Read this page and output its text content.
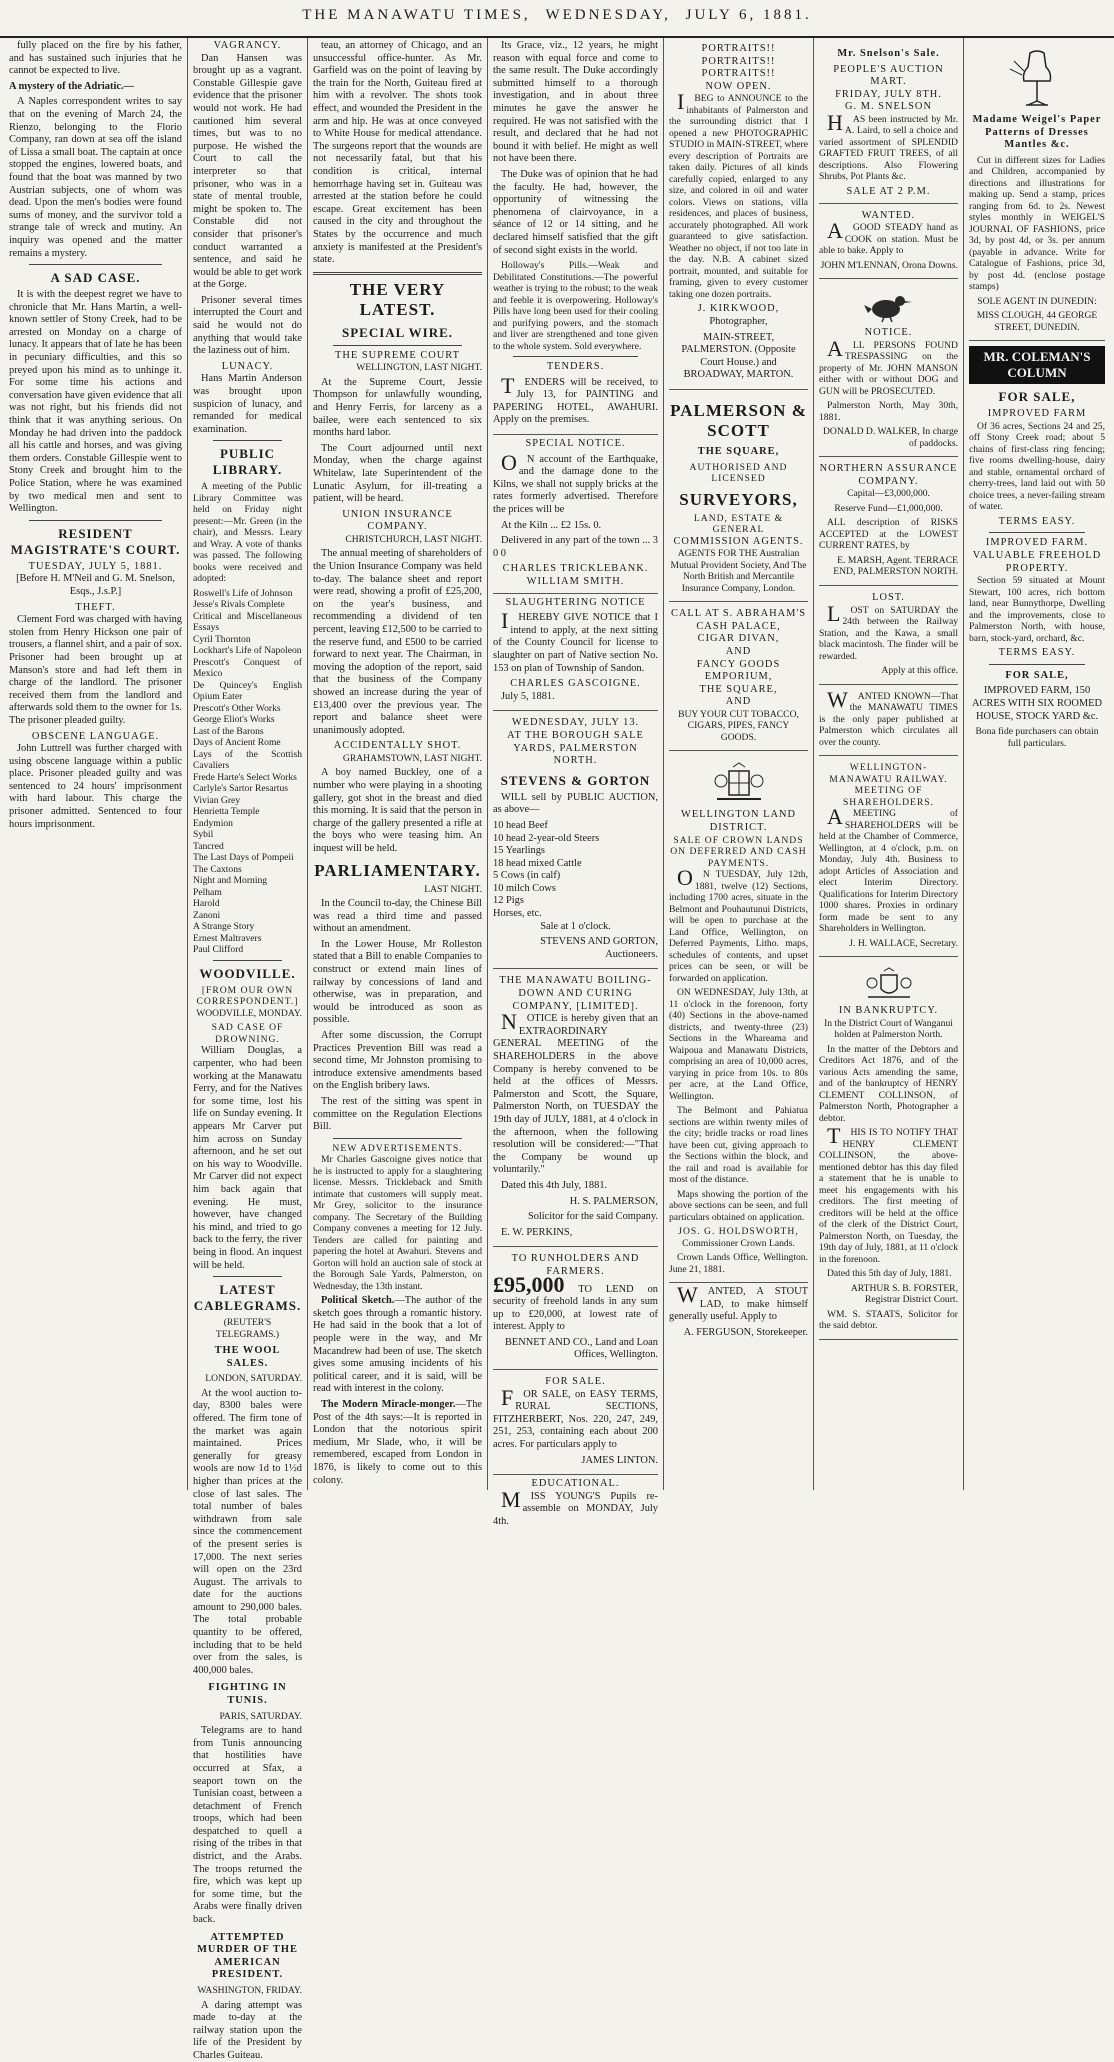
THE MANAWATU TIMES, WEDNESDAY, JULY 6, 1881.

fully placed on the fire by his father, and has sustained such injuries that he cannot be expected to live.

A mystery of the Adriatic.—

A Naples correspondent writes to say that on the evening of March 24, the Rienzo, belonging to the Florio Company, ran down at sea off the island of Lissa a small boat. The captain at once stopped the engines, lowered boats, and found that the boat was manned by two Austrian subjects, one of whom was dead. Upon the men's bodies were found sums of money, and the survivor told a strange tale of wreck and mutiny. An inquiry was opened and the matter remains a mystery.

A SAD CASE.

It is with the deepest regret we have to chronicle that Mr. Hans Martin, a well-known settler of Stony Creek, had to be arrested on Monday on a charge of lunacy. It appears that of late he has been in pecuniary difficulties, and this so preyed upon his mind as to unhinge it. For some time his actions and conversation have given evidence that all was not right, but his friends did not think that it was anything serious. On Monday he had driven into the paddock all his cattle and horses, and was giving them orders. Constable Gillespie went to Stony Creek and brought him to the Police Station, where he was examined by two medical men and sent to Wellington.

RESIDENT MAGISTRATE'S COURT.
TUESDAY, JULY 5, 1881.

[Before H. M'Neil and G. M. Snelson, Esqs., J.s.P.]

THEFT.

Clement Ford was charged with having stolen from Henry Hickson one pair of trousers, a flannel shirt, and a pair of sox. Prisoner had been brought up at Manson's store and had left them in charge of the landlord. The prisoner received them from the landlord and afterwards sold them to the owner for 1s. The prisoner pleaded guilty.

OBSCENE LANGUAGE.

John Luttrell was further charged with using obscene language within a public place. Prisoner pleaded guilty and was sentenced to 24 hours' imprisonment with hard labour. This charge the prisoner admitted. Sentenced to four hours imprisonment.

VAGRANCY.

Dan Hansen was brought up as a vagrant. Constable Gillespie gave evidence that the prisoner would not work. He had cautioned him several times, but was to no purpose. He wished the Court to call the interpreter so that prisoner, who was in a state of mental trouble, might be spoken to. The Constable did not consider that prisoner's conduct warranted a sentence, and said he would be able to get work at the Gorge.

Prisoner several times interrupted the Court and said he would not do anything that would take the laziness out of him.

LUNACY.

Hans Martin Anderson was brought upon suspicion of lunacy, and remanded for medical examination.

PUBLIC LIBRARY.

A meeting of the Public Library Committee was held on Friday night present:—Mr. Green (in the chair), and Messrs. Leary and Wray. A vote of thanks was passed. The following books were received and adopted:

Roswell's Life of Johnson
Jesse's Rivals Complete
Critical and Miscellaneous Essays
Cyril Thornton
Lockhart's Life of Napoleon
Prescott's Conquest of Mexico
De Quincey's English Opium Eater
Prescott's Other Works
George Eliot's Works
Last of the Barons
Days of Ancient Rome
Lays of the Scottish Cavaliers
Frede Harte's Select Works
Carlyle's Sartor Resartus
Vivian Grey
Henrietta Temple
Endymion
Sybil
Tancred
The Last Days of Pompeii
The Caxtons
Night and Morning
Pelham
Harold
Zanoni
A Strange Story
Ernest Maltravers
Paul Clifford
WOODVILLE.
[FROM OUR OWN CORRESPONDENT.]

WOODVILLE, MONDAY.

SAD CASE OF DROWNING.

William Douglas, a carpenter, who had been working at the Manawatu Ferry, and for the Natives for some time, lost his life on Sunday evening. It appears Mr Carver put him across on Sunday afternoon, and he set out on his way to Woodville. Mr Carver did not expect him back again that evening. He must, however, have changed his mind, and tried to go back to the ferry, the river being in flood. An inquest will be held.

LATEST CABLEGRAMS.
(REUTER'S TELEGRAMS.)
THE WOOL SALES.

LONDON, SATURDAY.

At the wool auction to-day, 8300 bales were offered. The firm tone of the market was again maintained. Prices generally for greasy wools are now 1d to 1½d higher than prices at the close of last sales. The total number of bales withdrawn from sale since the commencement of the present series is 17,000. The next series will open on the 23rd August. The arrivals to date for the auctions amount to 290,000 bales. The total probable quantity to be offered, including that to be held over from the sales, is 400,000 bales.

FIGHTING IN TUNIS.

PARIS, SATURDAY.

Telegrams are to hand from Tunis announcing that hostilities have occurred at Sfax, a seaport town on the Tunisian coast, between a detachment of French troops, which had been despatched to quell a rising of the tribes in that district, and the Arabs. The troops returned the fire, which was kept up for some time, but the Arabs were finally driven back.

ATTEMPTED MURDER OF THE AMERICAN PRESIDENT.

WASHINGTON, FRIDAY.

A daring attempt was made to-day at the railway station upon the life of the President by Charles Guiteau.

teau, an attorney of Chicago, and an unsuccessful office-hunter. As Mr. Garfield was on the point of leaving by the train for the North, Guiteau fired at him with a revolver. The shots took effect, and wounded the President in the arm and hip. He was at once conveyed to White House for medical attendance. The surgeons report that the wounds are not necessarily fatal, but that his condition is critical, internal hemorrhage having set in. Guiteau was arrested at the station before he could escape. Great excitement has been caused in the city and throughout the States by the occurrence and much anxiety is manifested at the President's state.

THE VERY LATEST.
SPECIAL WIRE.
THE SUPREME COURT

WELLINGTON, LAST NIGHT.

At the Supreme Court, Jessie Thompson for unlawfully wounding, and Henry Ferris, for larceny as a bailee, were each sentenced to six months hard labor.

The Court adjourned until next Monday, when the charge against Whitelaw, late Superintendent of the Lunatic Asylum, for ill-treating a patient, will be heard.

UNION INSURANCE COMPANY.

CHRISTCHURCH, LAST NIGHT.

The annual meeting of shareholders of the Union Insurance Company was held to-day. The balance sheet and report were read, showing a profit of £25,200, on the year's business, and recommending a dividend of ten percent, leaving £12,500 to be carried to the reserve fund, and £500 to be carried forward to next year. The Chairman, in moving the adoption of the report, said that the business of the Company showed an increase during the year of £13,400 over the previous year. The report and balance sheet were unanimously adopted.

ACCIDENTALLY SHOT.

GRAHAMSTOWN, LAST NIGHT.

A boy named Buckley, one of a number who were playing in a shooting gallery, got shot in the breast and died this morning. It is said that the person in charge of the gallery presented a rifle at the boys who were teasing him. An inquest will be held.

PARLIAMENTARY.

LAST NIGHT.

In the Council to-day, the Chinese Bill was read a third time and passed without an amendment.

In the Lower House, Mr Rolleston stated that a Bill to enable Companies to construct or extend main lines of railway by concessions of land and otherwise, was in preparation, and would be introduced as soon as possible.

After some discussion, the Corrupt Practices Prevention Bill was read a second time, Mr Johnston promising to introduce extensive amendments based on the English bribery laws.

The rest of the sitting was spent in committee on the Regulation Elections Bill.

NEW ADVERTISEMENTS.

Mr Charles Gascoigne gives notice that he is instructed to apply for a slaughtering license. Messrs. Trickleback and Smith intimate that customers will supply meat. Mr Grey, solicitor to the insurance company. The Secretary of the Building Company convenes a meeting for 12 July. Tenders are called for painting and papering the hotel at Awahuri. Stevens and Gorton will hold an auction sale of stock at the Borough Sale Yards, Palmerston, on Wednesday, the 13th instant.

Political Sketch.—The author of the sketch goes through a romantic history. He had said in the book that a lot of people were in the way, and Mr Macandrew had been of use. The sketch gives some amusing incidents of his political career, and it is said, will be read with interest in the colony.

The Modern Miracle-monger.—The Post of the 4th says:—It is reported in London that the notorious spirit medium, Mr Slade, who, it will be remembered, escaped from London in 1876, is likely to come out to this colony.

Its Grace, viz., 12 years, he might reason with equal force and come to the same result. The Duke accordingly submitted himself to a thorough investigation, and in about three minutes he gave the answer he required. He was not satisfied with the result, and declared that he had not bound it with belief. He might as well not have been there.

The Duke was of opinion that he had the faculty. He had, however, the opportunity of witnessing the phenomena of clairvoyance, in a séance of 12 or 14 sitting, and he declared himself satisfied that the gift of second sight exists in the world.

Holloway's Pills.—Weak and Debilitated Constitutions.—The powerful weather is trying to the robust; to the weak and feeble it is overpowering. Holloway's Pills have long been used for their cooling and purifying powers, and the stomach and liver are strengthened and tone given to the whole system. Sold everywhere.

TENDERS.

TENDERS will be received, to July 13, for PAINTING and PAPERING HOTEL, AWAHURI. Apply on the premises.

SPECIAL NOTICE.

ON account of the Earthquake, and the damage done to the Kilns, we shall not supply bricks at the rates formerly advertised. Therefore the prices will be

At the Kiln ... £2 15s. 0.

Delivered in any part of the town ... 3 0 0

CHARLES TRICKLEBANK.
WILLIAM SMITH.
SLAUGHTERING NOTICE

IHEREBY GIVE NOTICE that I intend to apply, at the next sitting of the County Council for license to slaughter on part of Native section No. 153 on plan of Township of Sandon.

CHARLES GASCOIGNE.

July 5, 1881.

WEDNESDAY, JULY 13.
AT THE BOROUGH SALE YARDS, PALMERSTON NORTH.
STEVENS & GORTON

WILL sell by PUBLIC AUCTION, as above—

10 head Beef
10 head 2-year-old Steers
15 Yearlings
18 head mixed Cattle
5 Cows (in calf)
10 milch Cows
12 Pigs
Horses, etc.

Sale at 1 o'clock.

STEVENS AND GORTON, Auctioneers.

THE MANAWATU BOILING-DOWN AND CURING COMPANY, [LIMITED].

NOTICE is hereby given that an EXTRAORDINARY GENERAL MEETING of the SHAREHOLDERS in the above Company is hereby convened to be held at the offices of Messrs. Palmerston and Scott, the Square, Palmerston North, on TUESDAY the 19th day of JULY, 1881, at 4 o'clock in the afternoon, when the following resolution will be considered:—"That the Company be wound up voluntarily."

Dated this 4th July, 1881.

H. S. PALMERSON,

Solicitor for the said Company.

E. W. PERKINS,

TO RUNHOLDERS AND FARMERS.

£95,000 TO LEND on security of freehold lands in any sum up to £20,000, at lowest rate of interest. Apply to

BENNET AND CO., Land and Loan Offices, Wellington.

FOR SALE.

FOR SALE, on EASY TERMS, RURAL SECTIONS, FITZHERBERT, Nos. 220, 247, 249, 251, 253, containing each about 200 acres. For particulars apply to

JAMES LINTON.

EDUCATIONAL.

MISS YOUNG'S Pupils re-assemble on MONDAY, July 4th.

PORTRAITS!! PORTRAITS!! PORTRAITS!!
NOW OPEN.

IBEG to ANNOUNCE to the inhabitants of Palmerston and the surrounding district that I opened a new PHOTOGRAPHIC STUDIO in MAIN-STREET, where every description of Portraits are taken daily. Pictures of all kinds carefully copied, enlarged to any size, and colored in oil and water colors. Views on stations, villa residences, and places of business, accurately photographed. All work guaranteed to give satisfaction. Weather no object, if not too late in the day. N.B. A cabinet sized portrait, mounted, and suitable for framing, given to every customer taking one dozen portraits.

J. KIRKWOOD,

Photographer,

MAIN-STREET, PALMERSTON. (Opposite Court House.) and BROADWAY, MARTON.

PALMERSON & SCOTT
THE SQUARE,
AUTHORISED AND LICENSED
SURVEYORS,
LAND, ESTATE & GENERAL
COMMISSION AGENTS.

AGENTS FOR THE Australian Mutual Provident Society, And The North British and Mercantile Insurance Company, London.

CALL AT S. ABRAHAM'S
CASH PALACE,
CIGAR DIVAN,
AND
FANCY GOODS EMPORIUM,
THE SQUARE,
AND

BUY YOUR CUT TOBACCO, CIGARS, PIPES, FANCY GOODS.

WELLINGTON LAND DISTRICT.
SALE OF CROWN LANDS ON DEFERRED AND CASH PAYMENTS.

ON TUESDAY, July 12th, 1881, twelve (12) Sections, including 1700 acres, situate in the Belmont and Pouhautunui Districts, will be open to purchase at the Land Office, Wellington, on Deferred Payments, Litho. maps, schedules of contents, and upset prices can be seen, or will be forwarded on application.

ON WEDNESDAY, July 13th, at 11 o'clock in the forenoon, forty (40) Sections in the above-named districts, and twenty-three (23) Sections in the Whareama and Waipoua and Manawatu Districts, comprising an area of 10,000 acres, varying in price from 10s. to 80s per acre, at the Land Office, Wellington.

The Belmont and Pahiatua sections are within twenty miles of the city; bridle tracks or road lines have been cut, giving approach to the Sections within the block, and the rail and road is available for most of the distance.

Maps showing the portion of the above sections can be seen, and full particulars obtained on application.

JOS. G. HOLDSWORTH,

Commissioner Crown Lands.

Crown Lands Office, Wellington. June 21, 1881.

WANTED, A STOUT LAD, to make himself generally useful. Apply to

A. FERGUSON, Storekeeper.

Mr. Snelson's Sale.
PEOPLE'S AUCTION MART.
FRIDAY, JULY 8TH.
G. M. SNELSON

HAS been instructed by Mr. A. Laird, to sell a choice and varied assortment of SPLENDID GRAFTED FRUIT TREES, of all descriptions. Also Flowering Shrubs, Pot Plants &c.

SALE AT 2 P.M.
WANTED.

AGOOD STEADY hand as COOK on station. Must be able to bake. Apply to

JOHN M'LENNAN, Orona Downs.

NOTICE.

ALL PERSONS FOUND TRESPASSING on the property of Mr. JOHN MANSON either with or without DOG and GUN will be PROSECUTED.

Palmerston North, May 30th, 1881.

DONALD D. WALKER, In charge of paddocks.

NORTHERN ASSURANCE COMPANY.

Capital—£3,000,000.

Reserve Fund—£1,000,000.

ALL description of RISKS ACCEPTED at the LOWEST CURRENT RATES, by

E. MARSH, Agent. TERRACE END, PALMERSTON NORTH.

LOST.

LOST on SATURDAY the 24th between the Railway Station, and the Kawa, a small black macintosh. The finder will be rewarded.

Apply at this office.

WANTED KNOWN—That the MANAWATU TIMES is the only paper published at Palmerston which circulates all over the county.

WELLINGTON-MANAWATU RAILWAY.
MEETING OF SHAREHOLDERS.

AMEETING of SHAREHOLDERS will be held at the Chamber of Commerce, Wellington, at 4 o'clock, p.m. on Monday, July 4th. Business to adopt Articles of Association and elect Interim Directory. Qualifications for Interim Directory 1000 shares. Proxies in ordinary form made be sent to any Shareholders in Wellington.

J. H. WALLACE, Secretary.

IN BANKRUPTCY.

In the District Court of Wanganui holden at Palmerston North.

In the matter of the Debtors and Creditors Act 1876, and of the various Acts amending the same, and of the bankruptcy of HENRY CLEMENT COLLINSON, of Palmerston North, Photographer a debtor.

THIS IS TO NOTIFY THAT HENRY CLEMENT COLLINSON, the above-mentioned debtor has this day filed a statement that he is unable to meet his engagements with his creditors. The first meeting of creditors will be held at the office of the clerk of the District Court, Palmerston North, on Tuesday, the 19th day of July, 1881, at 11 o'clock in the forenoon.

Dated this 5th day of July, 1881.

ARTHUR S. B. FORSTER, Registrar District Court.

WM. S. STAATS, Solicitor for the said debtor.

Madame Weigel's Paper Patterns of Dresses Mantles &c.

Cut in different sizes for Ladies and Children, accompanied by directions and illustrations for making up. Send a stamp, prices ranging from 6d. to 2s. Newest styles monthly in WEIGEL'S JOURNAL OF FASHIONS, price 3d, by post 4d, or 3s. per annum (payable in advance. Write for Catalogue of Fashions, price 3d, by post 4d. (enclose postage stamps)

SOLE AGENT IN DUNEDIN:

MISS CLOUGH, 44 GEORGE STREET, DUNEDIN.

MR. COLEMAN'S COLUMN
FOR SALE,
IMPROVED FARM

Of 36 acres, Sections 24 and 25, off Stony Creek road; about 5 chains of first-class ring fencing; five rooms dwelling-house, dairy and stable, ornamental orchard of cherry-trees, land laid out with 50 choice trees, a never-failing stream of water.

TERMS EASY.
IMPROVED FARM.
VALUABLE FREEHOLD PROPERTY.

Section 59 situated at Mount Stewart, 100 acres, rich bottom land, near Bunnythorpe, Dwelling and the improvements, close to Palmerston North, with house, barn, stock-yard, orchard, &c.

TERMS EASY.
FOR SALE,

IMPROVED FARM, 150 ACRES WITH SIX ROOMED HOUSE, STOCK YARD &c.

Bona fide purchasers can obtain full particulars.
